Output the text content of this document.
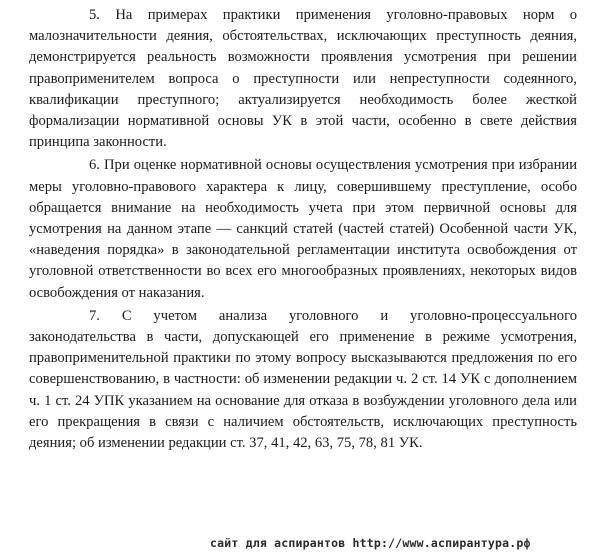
5. На примерах практики применения уголовно-правовых норм о малозначительности деяния, обстоятельствах, исключающих преступность деяния, демонстрируется реальность возможности проявления усмотрения при решении правоприменителем вопроса о преступности или непреступности содеянного, квалификации преступного; актуализируется необходимость более жесткой формализации нормативной основы УК в этой части, особенно в свете действия принципа законности.

6. При оценке нормативной основы осуществления усмотрения при избрании меры уголовно-правового характера к лицу, совершившему преступление, особо обращается внимание на необходимость учета при этом первичной основы для усмотрения на данном этапе — санкций статей (частей статей) Особенной части УК, «наведения порядка» в законодательной регламентации института освобождения от уголовной ответственности во всех его многообразных проявлениях, некоторых видов освобождения от наказания.

7. С учетом анализа уголовного и уголовно-процессуального законодательства в части, допускающей его применение в режиме усмотрения, правоприменительной практики по этому вопросу высказываются предложения по его совершенствованию, в частности: об изменении редакции ч. 2 ст. 14 УК с дополнением ч. 1 ст. 24 УПК указанием на основание для отказа в возбуждении уголовного дела или его прекращения в связи с наличием обстоятельств, исключающих преступность деяния; об изменении редакции ст. 37, 41, 42, 63, 75, 78, 81 УК.

сайт для аспирантов http://www.аспирантура.рф
